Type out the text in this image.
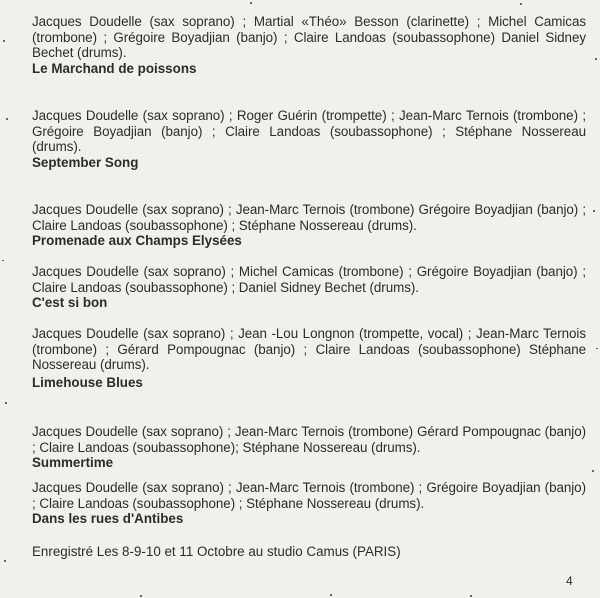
Jacques Doudelle (sax soprano) ; Martial «Théo» Besson (clarinette) ; Michel Camicas (trombone) ; Grégoire Boyadjian (banjo) ; Claire Landoas (soubassophone) Daniel Sidney Bechet (drums).
Le Marchand de poissons
Jacques Doudelle (sax soprano) ; Roger Guérin (trompette) ; Jean-Marc Ternois (trombone) ; Grégoire Boyadjian (banjo) ; Claire Landoas (soubassophone) ; Stéphane Nossereau (drums).
September Song
Jacques Doudelle (sax soprano) ; Jean-Marc Ternois (trombone) Grégoire Boyadjian (banjo) ; Claire Landoas (soubassophone) ; Stéphane Nossereau (drums).
Promenade aux Champs Elysées
Jacques Doudelle (sax soprano) ; Michel Camicas (trombone) ; Grégoire Boyadjian (banjo) ; Claire Landoas (soubassophone) ; Daniel Sidney Bechet (drums).
C'est si bon
Jacques Doudelle (sax soprano) ; Jean -Lou Longnon (trompette, vocal) ; Jean-Marc Ternois (trombone) ; Gérard Pompougnac (banjo) ; Claire Landoas (soubassophone) Stéphane Nossereau (drums).
Limehouse Blues
Jacques Doudelle (sax soprano) ; Jean-Marc Ternois (trombone) Gérard Pompougnac (banjo) ; Claire Landoas (soubassophone); Stéphane Nossereau (drums).
Summertime
Jacques Doudelle (sax soprano) ; Jean-Marc Ternois (trombone) ; Grégoire Boyadjian (banjo) ; Claire Landoas (soubassophone) ; Stéphane Nossereau (drums).
Dans les rues d'Antibes
Enregistré Les 8-9-10 et 11 Octobre au studio Camus (PARIS)
4
